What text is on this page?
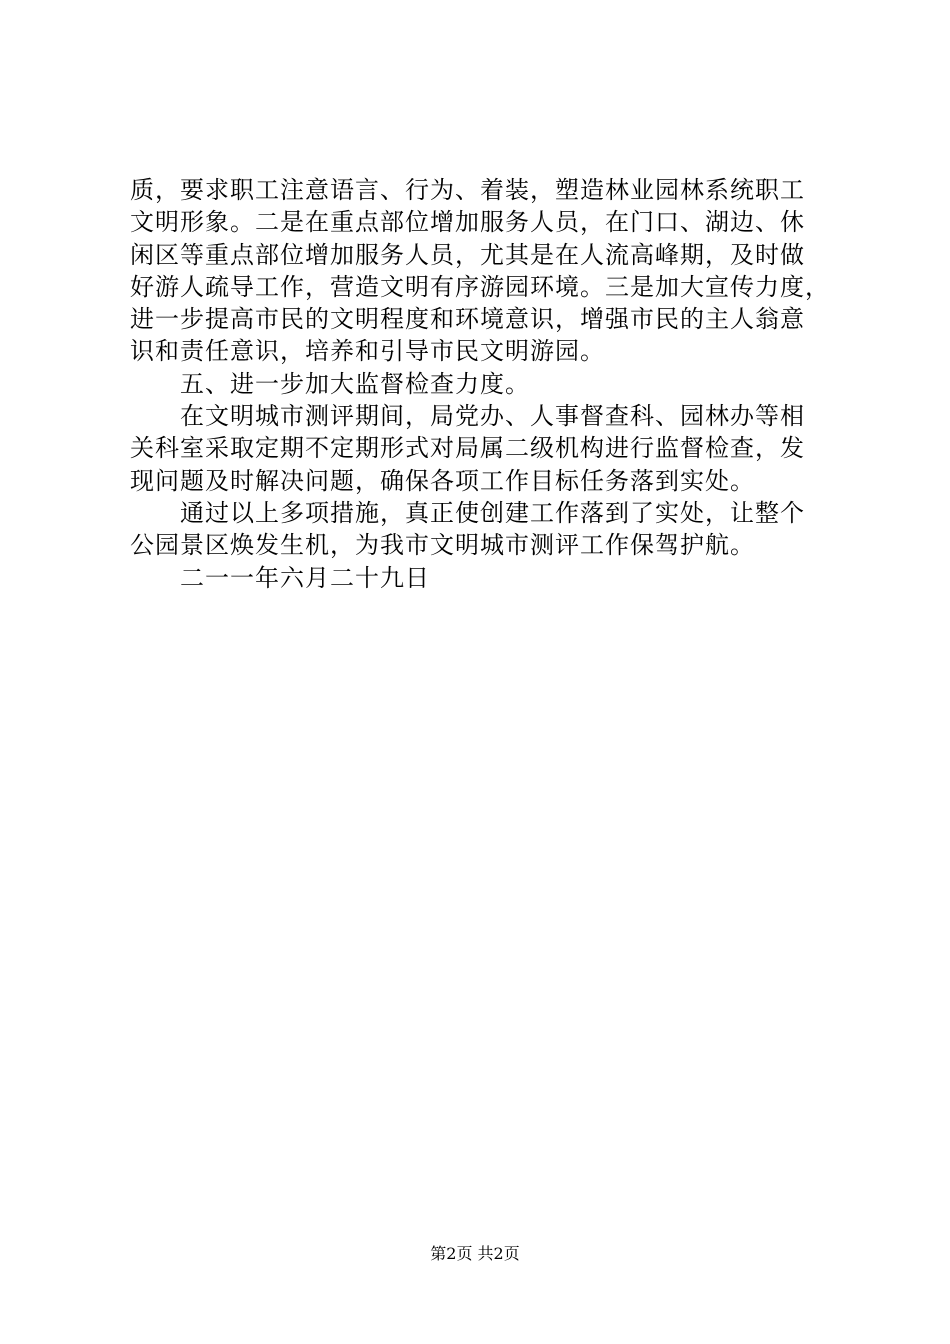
质，要求职工注意语言、行为、着装，塑造林业园林系统职工
文明形象。二是在重点部位增加服务人员，在门口、湖边、休
闲区等重点部位增加服务人员，尤其是在人流高峰期，及时做
好游人疏导工作，营造文明有序游园环境。三是加大宣传力度，
进一步提高市民的文明程度和环境意识，增强市民的主人翁意
识和责任意识，培养和引导市民文明游园。
　　五、进一步加大监督检查力度。
　　在文明城市测评期间，局党办、人事督查科、园林办等相
关科室采取定期不定期形式对局属二级机构进行监督检查，发
现问题及时解决问题，确保各项工作目标任务落到实处。
　　通过以上多项措施，真正使创建工作落到了实处，让整个
公园景区焕发生机，为我市文明城市测评工作保驾护航。
　　二一一年六月二十九日
第2页 共2页
